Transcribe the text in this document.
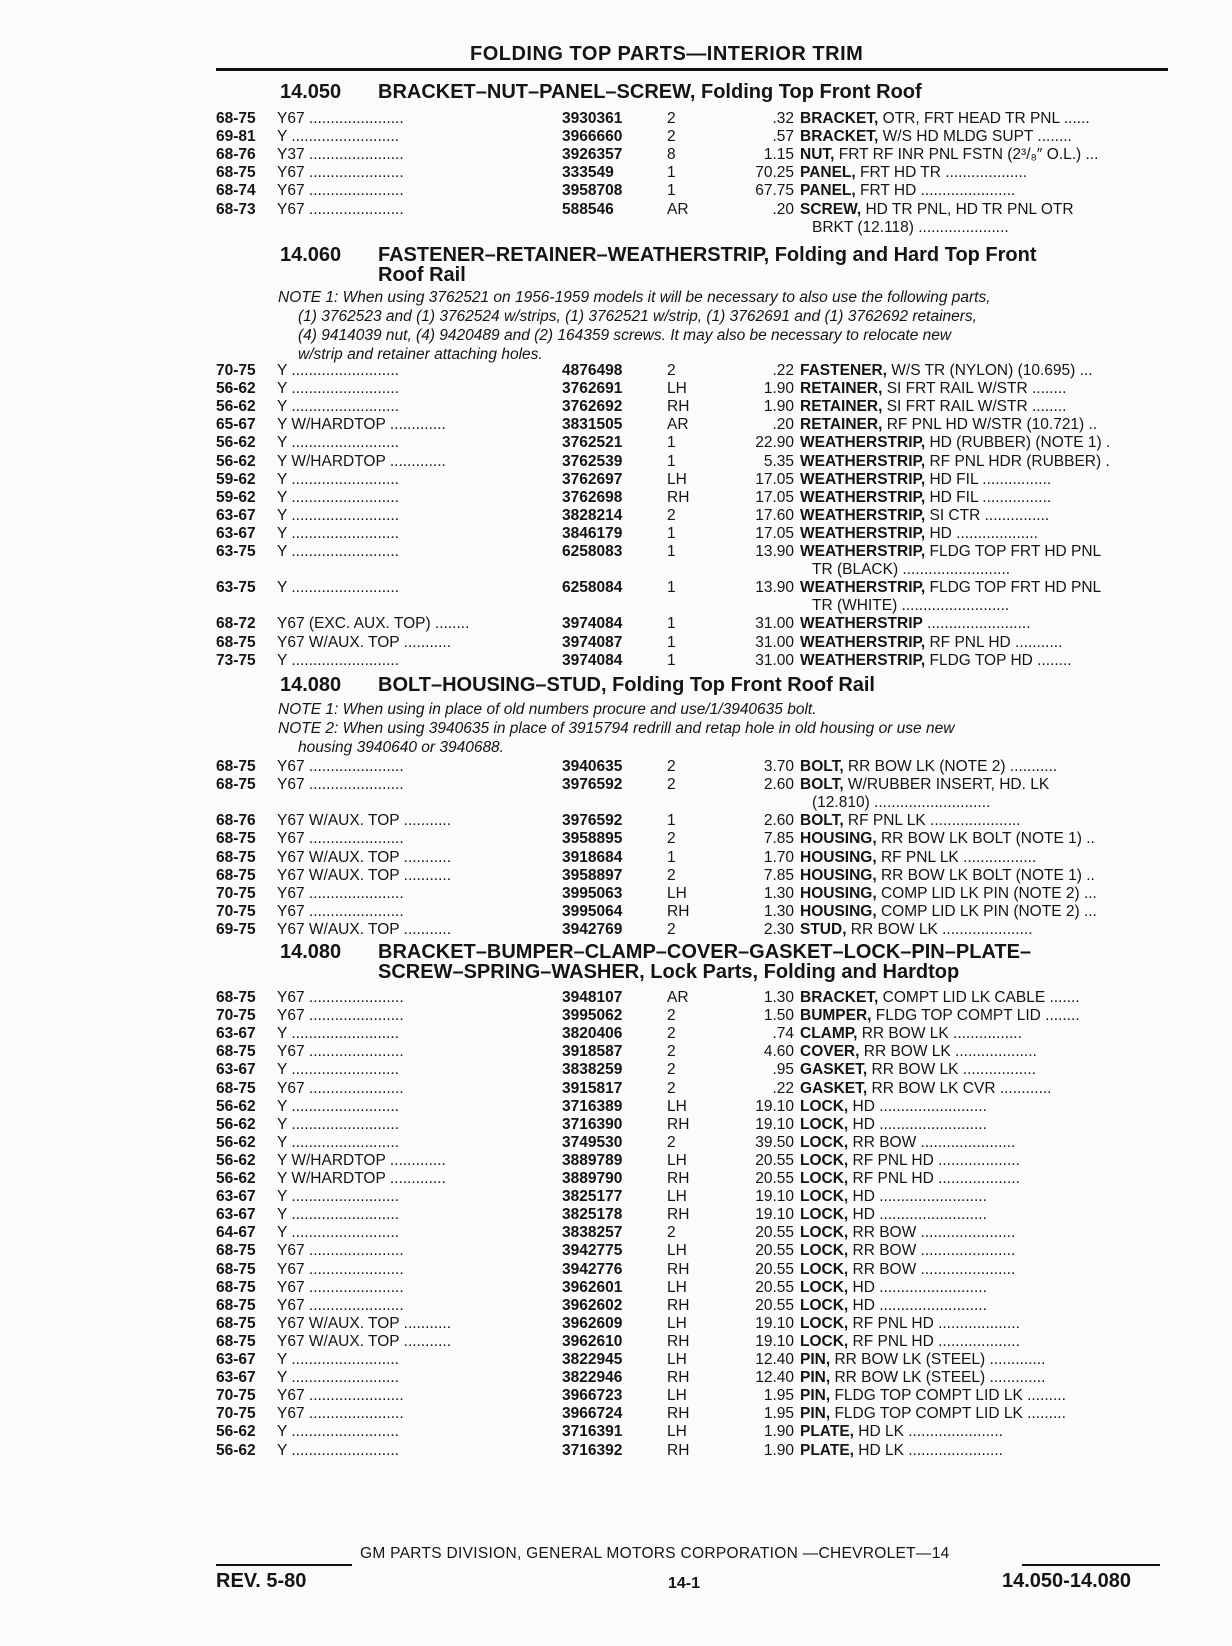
FOLDING TOP PARTS—INTERIOR TRIM
14.050 BRACKET–NUT–PANEL–SCREW, Folding Top Front Roof
68-75	Y67 ......................	3930361	2	.32 BRACKET, OTR, FRT HEAD TR PNL ......
69-81	Y .........................	3966660	2	.57 BRACKET, W/S HD MLDG SUPT ........
68-76	Y37 ......................	3926357	8	1.15 NUT, FRT RF INR PNL FSTN (2³/₈″ O.L.) ...
68-75	Y67 ......................	333549	1	70.25 PANEL, FRT HD TR ...................
68-74	Y67 ......................	3958708	1	67.75 PANEL, FRT HD ......................
68-73	Y67 ......................	588546	AR	.20 SCREW, HD TR PNL, HD TR PNL OTR
BRKT (12.118) .....................
14.060 FASTENER–RETAINER–WEATHERSTRIP, Folding and Hard Top Front
Roof Rail
NOTE 1: When using 3762521 on 1956-1959 models it will be necessary to also use the following parts,
(1) 3762523 and (1) 3762524 w/strips, (1) 3762521 w/strip, (1) 3762691 and (1) 3762692 retainers,
(4) 9414039 nut, (4) 9420489 and (2) 164359 screws. It may also be necessary to relocate new
w/strip and retainer attaching holes.
70-75	Y .........................	4876498	2	.22 FASTENER, W/S TR (NYLON) (10.695) ...
56-62	Y .........................	3762691	LH	1.90 RETAINER, SI FRT RAIL W/STR ........
56-62	Y .........................	3762692	RH	1.90 RETAINER, SI FRT RAIL W/STR ........
65-67	Y W/HARDTOP .............	3831505	AR	.20 RETAINER, RF PNL HD W/STR (10.721) ..
56-62	Y .........................	3762521	1	22.90 WEATHERSTRIP, HD (RUBBER) (NOTE 1) .
56-62	Y W/HARDTOP .............	3762539	1	5.35 WEATHERSTRIP, RF PNL HDR (RUBBER) .
59-62	Y .........................	3762697	LH	17.05 WEATHERSTRIP, HD FIL ................
59-62	Y .........................	3762698	RH	17.05 WEATHERSTRIP, HD FIL ................
63-67	Y .........................	3828214	2	17.60 WEATHERSTRIP, SI CTR ...............
63-67	Y .........................	3846179	1	17.05 WEATHERSTRIP, HD ...................
63-75	Y .........................	6258083	1	13.90 WEATHERSTRIP, FLDG TOP FRT HD PNL
TR (BLACK) .........................
63-75	Y .........................	6258084	1	13.90 WEATHERSTRIP, FLDG TOP FRT HD PNL
TR (WHITE) .........................
68-72	Y67 (EXC. AUX. TOP) ........	3974084	1	31.00 WEATHERSTRIP ........................
68-75	Y67 W/AUX. TOP ...........	3974087	1	31.00 WEATHERSTRIP, RF PNL HD ...........
73-75	Y .........................	3974084	1	31.00 WEATHERSTRIP, FLDG TOP HD ........
14.080 BOLT–HOUSING–STUD, Folding Top Front Roof Rail
NOTE 1: When using in place of old numbers procure and use/1/3940635 bolt.
NOTE 2: When using 3940635 in place of 3915794 redrill and retap hole in old housing or use new
housing 3940640 or 3940688.
68-75	Y67 ......................	3940635	2	3.70 BOLT, RR BOW LK (NOTE 2) ...........
68-75	Y67 ......................	3976592	2	2.60 BOLT, W/RUBBER INSERT, HD. LK
(12.810) ...........................
68-76	Y67 W/AUX. TOP ...........	3976592	1	2.60 BOLT, RF PNL LK .....................
68-75	Y67 ......................	3958895	2	7.85 HOUSING, RR BOW LK BOLT (NOTE 1) ..
68-75	Y67 W/AUX. TOP ...........	3918684	1	1.70 HOUSING, RF PNL LK .................
68-75	Y67 W/AUX. TOP ...........	3958897	2	7.85 HOUSING, RR BOW LK BOLT (NOTE 1) ..
70-75	Y67 ......................	3995063	LH	1.30 HOUSING, COMP LID LK PIN (NOTE 2) ...
70-75	Y67 ......................	3995064	RH	1.30 HOUSING, COMP LID LK PIN (NOTE 2) ...
69-75	Y67 W/AUX. TOP ...........	3942769	2	2.30 STUD, RR BOW LK .....................
14.080 BRACKET–BUMPER–CLAMP–COVER–GASKET–LOCK–PIN–PLATE–
SCREW–SPRING–WASHER, Lock Parts, Folding and Hardtop
68-75	Y67 ......................	3948107	AR	1.30 BRACKET, COMPT LID LK CABLE .......
70-75	Y67 ......................	3995062	2	1.50 BUMPER, FLDG TOP COMPT LID ........
63-67	Y .........................	3820406	2	.74 CLAMP, RR BOW LK ................
68-75	Y67 ......................	3918587	2	4.60 COVER, RR BOW LK ...................
63-67	Y .........................	3838259	2	.95 GASKET, RR BOW LK .................
68-75	Y67 ......................	3915817	2	.22 GASKET, RR BOW LK CVR ............
56-62	Y .........................	3716389	LH	19.10 LOCK, HD .........................
56-62	Y .........................	3716390	RH	19.10 LOCK, HD .........................
56-62	Y .........................	3749530	2	39.50 LOCK, RR BOW ......................
56-62	Y W/HARDTOP .............	3889789	LH	20.55 LOCK, RF PNL HD ...................
56-62	Y W/HARDTOP .............	3889790	RH	20.55 LOCK, RF PNL HD ...................
63-67	Y .........................	3825177	LH	19.10 LOCK, HD .........................
63-67	Y .........................	3825178	RH	19.10 LOCK, HD .........................
64-67	Y .........................	3838257	2	20.55 LOCK, RR BOW ......................
68-75	Y67 ......................	3942775	LH	20.55 LOCK, RR BOW ......................
68-75	Y67 ......................	3942776	RH	20.55 LOCK, RR BOW ......................
68-75	Y67 ......................	3962601	LH	20.55 LOCK, HD .........................
68-75	Y67 ......................	3962602	RH	20.55 LOCK, HD .........................
68-75	Y67 W/AUX. TOP ...........	3962609	LH	19.10 LOCK, RF PNL HD ...................
68-75	Y67 W/AUX. TOP ...........	3962610	RH	19.10 LOCK, RF PNL HD ...................
63-67	Y .........................	3822945	LH	12.40 PIN, RR BOW LK (STEEL) .............
63-67	Y .........................	3822946	RH	12.40 PIN, RR BOW LK (STEEL) .............
70-75	Y67 ......................	3966723	LH	1.95 PIN, FLDG TOP COMPT LID LK .........
70-75	Y67 ......................	3966724	RH	1.95 PIN, FLDG TOP COMPT LID LK .........
56-62	Y .........................	3716391	LH	1.90 PLATE, HD LK ......................
56-62	Y .........................	3716392	RH	1.90 PLATE, HD LK ......................
GM PARTS DIVISION, GENERAL MOTORS CORPORATION —CHEVROLET—14
REV. 5-80	14-1	14.050-14.080
